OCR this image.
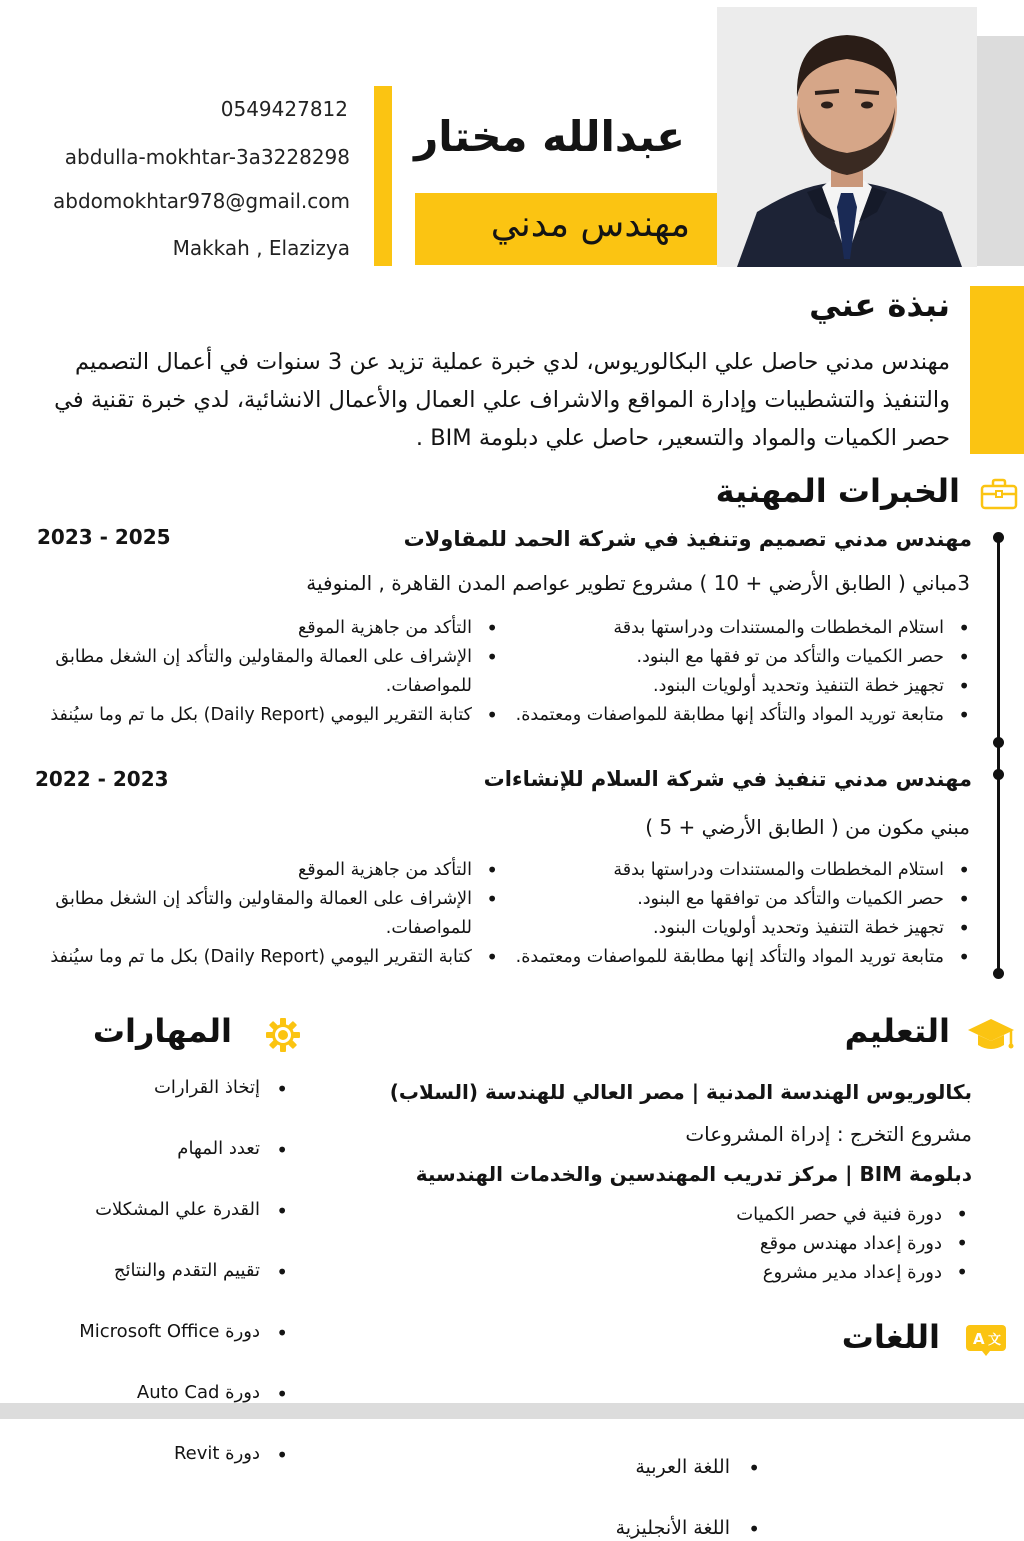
عبدالله مختار
مهندس مدني
0549427812
abdulla-mokhtar-3a3228298
abdomokhtar978@gmail.com
Makkah , Elazizya
نبذة عني
مهندس مدني حاصل علي البكالوريوس، لدي خبرة عملية تزيد عن 3 سنوات في أعمال التصميم والتنفيذ والتشطيبات وإدارة المواقع والاشراف علي العمال والأعمال الانشائية، لدي خبرة تقنية في حصر الكميات والمواد والتسعير، حاصل علي دبلومة BIM .
الخبرات المهنية
مهندس مدني تصميم وتنفيذ في شركة الحمد للمقاولات
2023 - 2025
3مباني ( الطابق الأرضي + 10 ) مشروع تطوير عواصم المدن القاهرة , المنوفية
• استلام المخططات والمستندات ودراستها بدقة
• حصر الكميات والتأكد من تو فقها مع البنود.
• تجهيز خطة التنفيذ وتحديد أولويات البنود.
• متابعة توريد المواد والتأكد إنها مطابقة للمواصفات ومعتمدة.
• التأكد من جاهزية الموقع
• الإشراف على العمالة والمقاولين والتأكد إن الشغل مطابق للمواصفات.
• كتابة التقرير اليومي (Daily Report) بكل ما تم وما سيُنفذ
مهندس مدني تنفيذ في شركة السلام للإنشاءات
2022 - 2023
مبني مكون من ( الطابق الأرضي + 5 )
• استلام المخططات والمستندات ودراستها بدقة
• حصر الكميات والتأكد من توافقها مع البنود.
• تجهيز خطة التنفيذ وتحديد أولويات البنود.
• متابعة توريد المواد والتأكد إنها مطابقة للمواصفات ومعتمدة.
• التأكد من جاهزية الموقع
• الإشراف على العمالة والمقاولين والتأكد إن الشغل مطابق للمواصفات.
• كتابة التقرير اليومي (Daily Report) بكل ما تم وما سيُنفذ
التعليم
بكالوريوس الهندسة المدنية | مصر العالي للهندسة (السلاب)
مشروع التخرج : إدراة المشروعات
دبلومة BIM | مركز تدريب المهندسين والخدمات الهندسية
• دورة فنية في حصر الكميات
• دورة إعداد مهندس موقع
• دورة إعداد مدير مشروع
المهارات
• إتخاذ القرارات
• تعدد المهام
• القدرة علي المشكلات
• تقييم التقدم والنتائج
• دورة Microsoft Office
• دورة Auto Cad
• دورة Revit
A 文
اللغات
• اللغة العربية
• اللغة الأنجليزية
